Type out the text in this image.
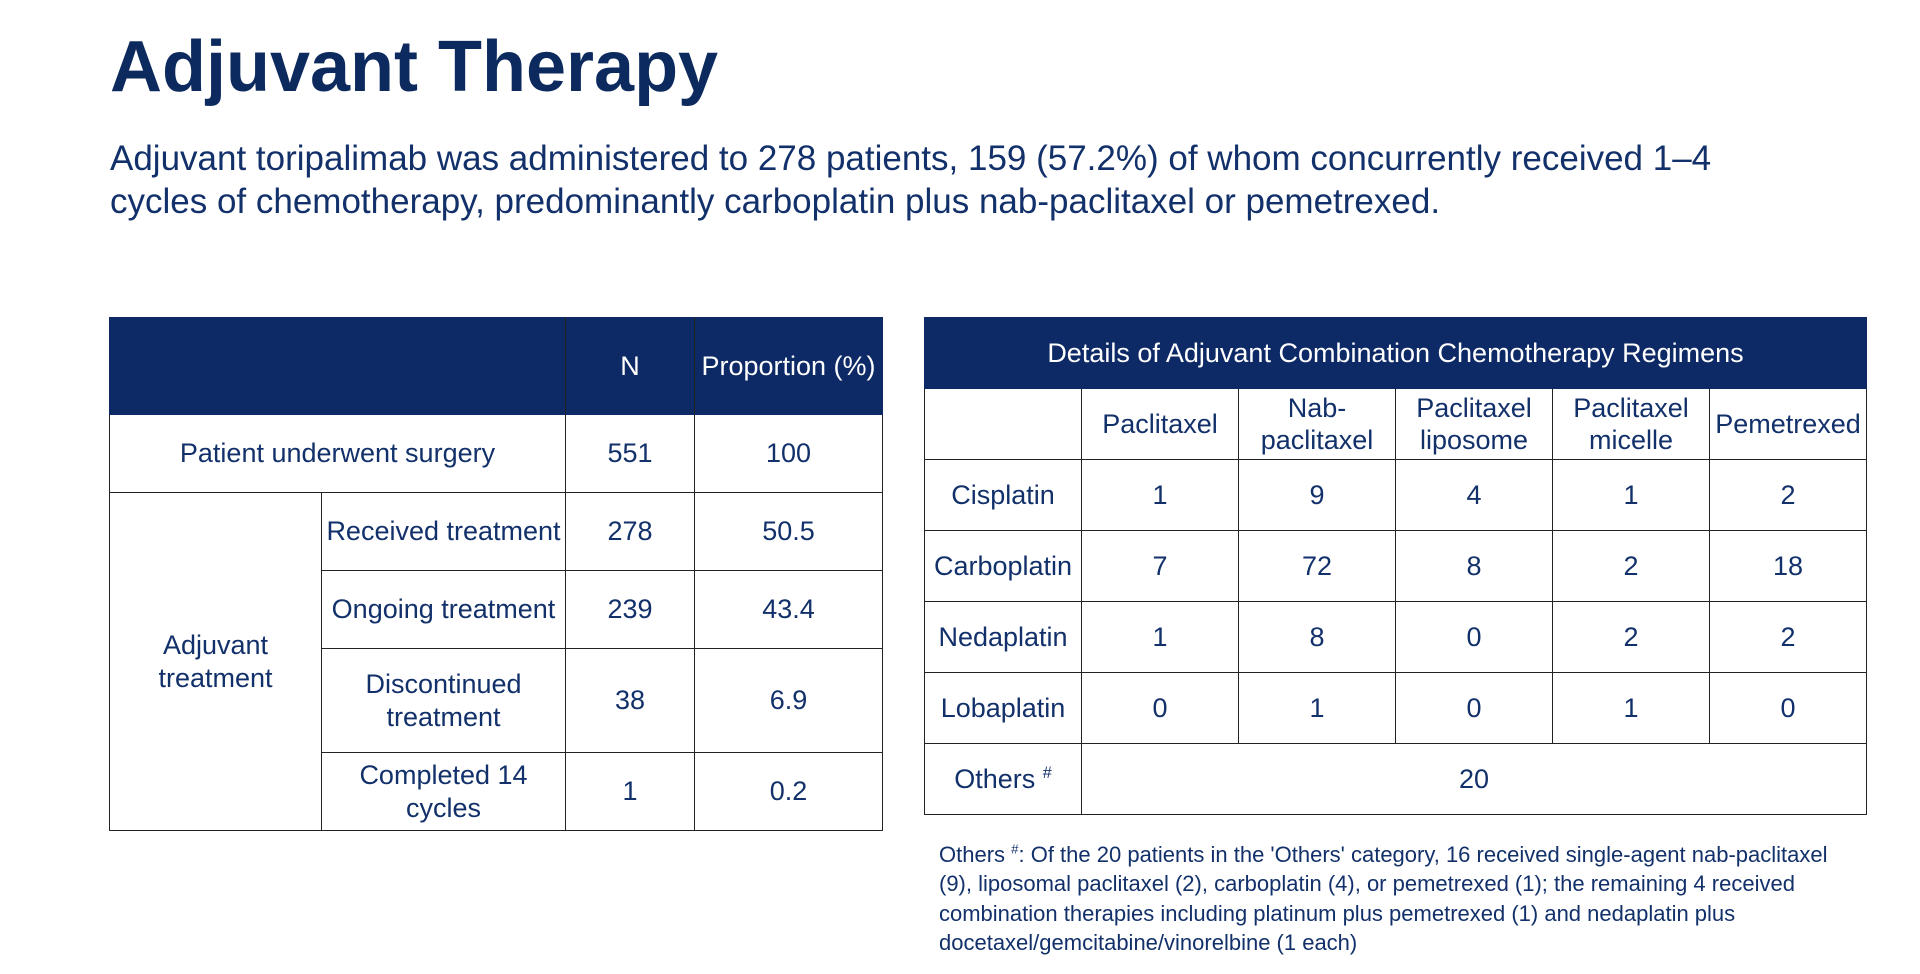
Adjuvant Therapy

Adjuvant toripalimab was administered to 278 patients, 159 (57.2%) of whom concurrently received 1–4 cycles of chemotherapy, predominantly carboplatin plus nab-paclitaxel or pemetrexed.

		N	Proportion (%)
Patient underwent surgery		551	100
Adjuvant treatment	Received treatment	278	50.5
	Ongoing treatment	239	43.4
	Discontinued treatment	38	6.9
	Completed 14 cycles	1	0.2
Details of Adjuvant Combination Chemotherapy Regimens					
	Paclitaxel	Nab-paclitaxel	Paclitaxel liposome	Paclitaxel micelle	Pemetrexed
Cisplatin	1	9	4	1	2
Carboplatin	7	72	8	2	18
Nedaplatin	1	8	0	2	2
Lobaplatin	0	1	0	1	0
Others #	20				

Others #: Of the 20 patients in the 'Others' category, 16 received single-agent nab-paclitaxel (9), liposomal paclitaxel (2), carboplatin (4), or pemetrexed (1); the remaining 4 received combination therapies including platinum plus pemetrexed (1) and nedaplatin plus docetaxel/gemcitabine/vinorelbine (1 each)
